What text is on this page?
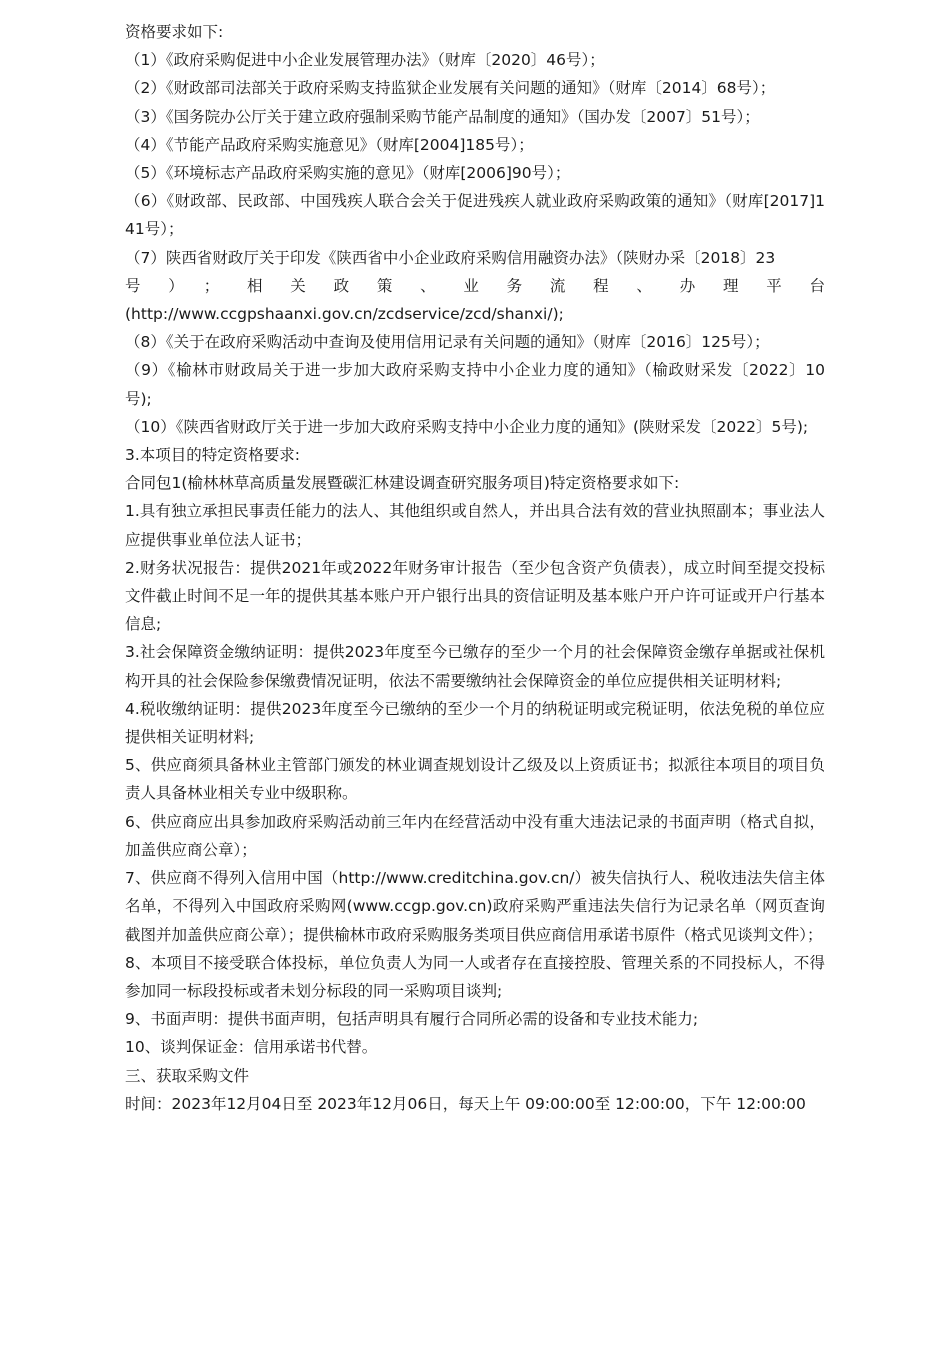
资格要求如下:

（1）《政府采购促进中小企业发展管理办法》（财库〔2020〕46号）；

（2）《财政部司法部关于政府采购支持监狱企业发展有关问题的通知》（财库〔2014〕68号）；

（3）《国务院办公厅关于建立政府强制采购节能产品制度的通知》（国办发〔2007〕51号）；

（4）《节能产品政府采购实施意见》（财库[2004]185号）；

（5）《环境标志产品政府采购实施的意见》（财库[2006]90号）；

（6）《财政部、民政部、中国残疾人联合会关于促进残疾人就业政府采购政策的通知》（财库[2017]141号）；

（7）陕西省财政厅关于印发《陕西省中小企业政府采购信用融资办法》（陕财办采〔2018〕23

号）；相关政策、业务流程、办理平台

(http://www.ccgpshaanxi.gov.cn/zcdservice/zcd/shanxi/);

（8）《关于在政府采购活动中查询及使用信用记录有关问题的通知》（财库〔2016〕125号）；

（9）《榆林市财政局关于进一步加大政府采购支持中小企业力度的通知》（榆政财采发〔2022〕10号);

（10）《陕西省财政厅关于进一步加大政府采购支持中小企业力度的通知》(陕财采发〔2022〕5号);

3.本项目的特定资格要求:

合同包1(榆林林草高质量发展暨碳汇林建设调查研究服务项目)特定资格要求如下:

1.具有独立承担民事责任能力的法人、其他组织或自然人，并出具合法有效的营业执照副本；事业法人应提供事业单位法人证书；

2.财务状况报告：提供2021年或2022年财务审计报告（至少包含资产负债表），成立时间至提交投标文件截止时间不足一年的提供其基本账户开户银行出具的资信证明及基本账户开户许可证或开户行基本信息;

3.社会保障资金缴纳证明：提供2023年度至今已缴存的至少一个月的社会保障资金缴存单据或社保机构开具的社会保险参保缴费情况证明，依法不需要缴纳社会保障资金的单位应提供相关证明材料;

4.税收缴纳证明：提供2023年度至今已缴纳的至少一个月的纳税证明或完税证明，依法免税的单位应提供相关证明材料;

5、供应商须具备林业主管部门颁发的林业调查规划设计乙级及以上资质证书；拟派往本项目的项目负责人具备林业相关专业中级职称。

6、供应商应出具参加政府采购活动前三年内在经营活动中没有重大违法记录的书面声明（格式自拟，加盖供应商公章）；

7、供应商不得列入信用中国（http://www.creditchina.gov.cn/）被失信执行人、税收违法失信主体名单，不得列入中国政府采购网(www.ccgp.gov.cn)政府采购严重违法失信行为记录名单（网页查询截图并加盖供应商公章）；提供榆林市政府采购服务类项目供应商信用承诺书原件（格式见谈判文件）；

8、本项目不接受联合体投标，单位负责人为同一人或者存在直接控股、管理关系的不同投标人，不得参加同一标段投标或者未划分标段的同一采购项目谈判;

9、书面声明：提供书面声明，包括声明具有履行合同所必需的设备和专业技术能力;

10、谈判保证金：信用承诺书代替。

三、获取采购文件

时间：2023年12月04日至 2023年12月06日，每天上午 09:00:00至 12:00:00，下午 12:00:00
